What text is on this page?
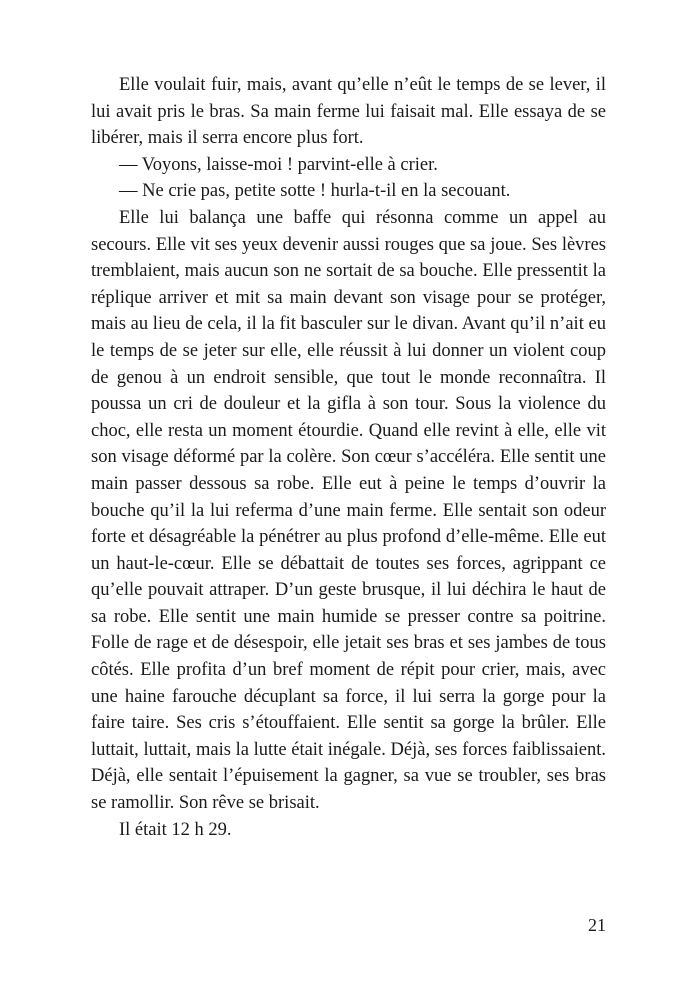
Elle voulait fuir, mais, avant qu’elle n’eût le temps de se lever, il lui avait pris le bras. Sa main ferme lui faisait mal. Elle essaya de se libérer, mais il serra encore plus fort.

— Voyons, laisse-moi ! parvint-elle à crier.

— Ne crie pas, petite sotte ! hurla-t-il en la secouant.

Elle lui balança une baffe qui résonna comme un appel au secours. Elle vit ses yeux devenir aussi rouges que sa joue. Ses lèvres tremblaient, mais aucun son ne sortait de sa bouche. Elle pressentit la réplique arriver et mit sa main devant son visage pour se protéger, mais au lieu de cela, il la fit basculer sur le divan. Avant qu’il n’ait eu le temps de se jeter sur elle, elle réussit à lui donner un violent coup de genou à un endroit sensible, que tout le monde reconnaîtra. Il poussa un cri de douleur et la gifla à son tour. Sous la violence du choc, elle resta un moment étourdie. Quand elle revint à elle, elle vit son visage déformé par la colère. Son cœur s’accéléra. Elle sentit une main passer dessous sa robe. Elle eut à peine le temps d’ouvrir la bouche qu’il la lui referma d’une main ferme. Elle sentait son odeur forte et désagréable la pénétrer au plus profond d’elle-même. Elle eut un haut-le-cœur. Elle se débattait de toutes ses forces, agrippant ce qu’elle pouvait attraper. D’un geste brusque, il lui déchira le haut de sa robe. Elle sentit une main humide se presser contre sa poitrine. Folle de rage et de désespoir, elle jetait ses bras et ses jambes de tous côtés. Elle profita d’un bref moment de répit pour crier, mais, avec une haine farouche décuplant sa force, il lui serra la gorge pour la faire taire. Ses cris s’étouffaient. Elle sentit sa gorge la brûler. Elle luttait, luttait, mais la lutte était inégale. Déjà, ses forces faiblissaient. Déjà, elle sentait l’épuisement la gagner, sa vue se troubler, ses bras se ramollir. Son rêve se brisait.

Il était 12 h 29.

21
